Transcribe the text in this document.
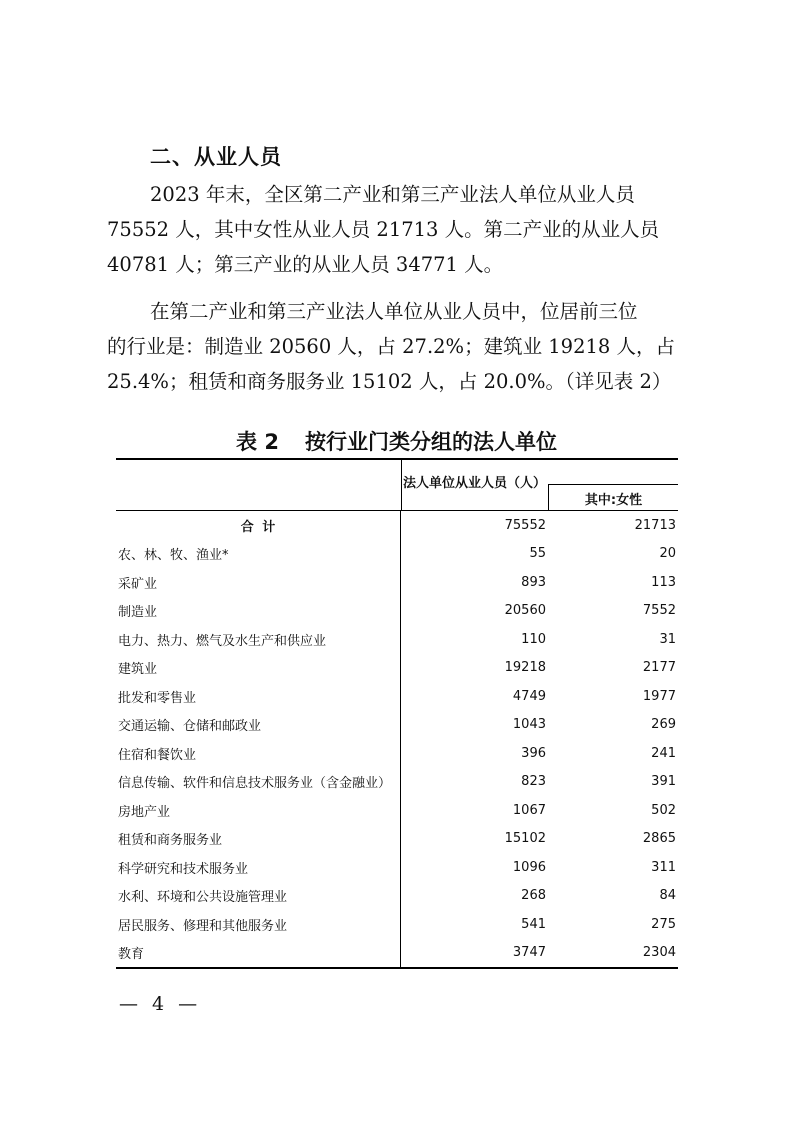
二、从业人员
2023 年末，全区第二产业和第三产业法人单位从业人员
75552 人，其中女性从业人员 21713 人。第二产业的从业人员
40781 人；第三产业的从业人员 34771 人。
在第二产业和第三产业法人单位从业人员中，位居前三位
的行业是：制造业 20560 人，占 27.2%；建筑业 19218 人，占
25.4%；租赁和商务服务业 15102 人，占 20.0%。（详见表 2）
表 2 按行业门类分组的法人单位
法人单位从业人员（人）
其中:女性
合 计	75552	21713
农、林、牧、渔业*	55	20
采矿业	893	113
制造业	20560	7552
电力、热力、燃气及水生产和供应业	110	31
建筑业	19218	2177
批发和零售业	4749	1977
交通运输、仓储和邮政业	1043	269
住宿和餐饮业	396	241
信息传输、软件和信息技术服务业（含金融业）	823	391
房地产业	1067	502
租赁和商务服务业	15102	2865
科学研究和技术服务业	1096	311
水利、环境和公共设施管理业	268	84
居民服务、修理和其他服务业	541	275
教育	3747	2304
— 4 —
